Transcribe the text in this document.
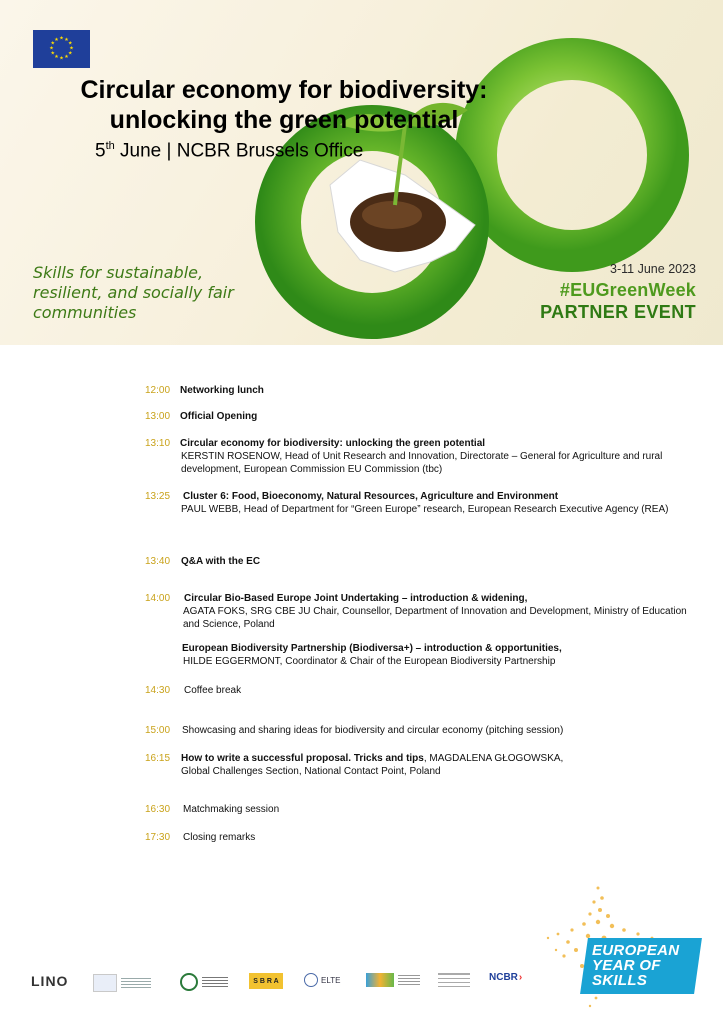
★ ★
★
★
★
★
★
★
★
★
★
★
Circular economy for biodiversity:
unlocking the green potential
5th June | NCBR Brussels Office
Skills for sustainable, resilient, and socially fair communities
3-11 June 2023
#EUGreenWeek
PARTNER EVENT
12:00 Networking lunch
13:00 Official Opening
13:10 Circular economy for biodiversity: unlocking the green potential
KERSTIN ROSENOW, Head of Unit Research and Innovation, Directorate – General for Agriculture and rural development, European Commission EU Commission (tbc)
13:25	Cluster 6: Food, Bioeconomy, Natural Resources, Agriculture and Environment
PAUL WEBB, Head of Department for “Green Europe” research, European Research Executive Agency (REA)
13:40	Q&A with the EC
14:00	Circular Bio-Based Europe Joint Undertaking – introduction & widening,
AGATA FOKS, SRG CBE JU Chair, Counsellor, Department of Innovation and Development, Ministry of Education and Science, Poland
European Biodiversity Partnership (Biodiversa+) – introduction & opportunities,
HILDE EGGERMONT, Coordinator & Chair of the European Biodiversity Partnership
14:30	Coffee break
15:00	Showcasing and sharing ideas for biodiversity and circular economy (pitching session)
16:15	How to write a successful proposal. Tricks and tips, MAGDALENA GŁOGOWSKA,
Global Challenges Section, National Contact Point, Poland
16:30	Matchmaking session
17:30	Closing remarks
EUROPEAN
YEAR OF
SKILLS
LINO	S B R A	ELTE	NCBR ›
